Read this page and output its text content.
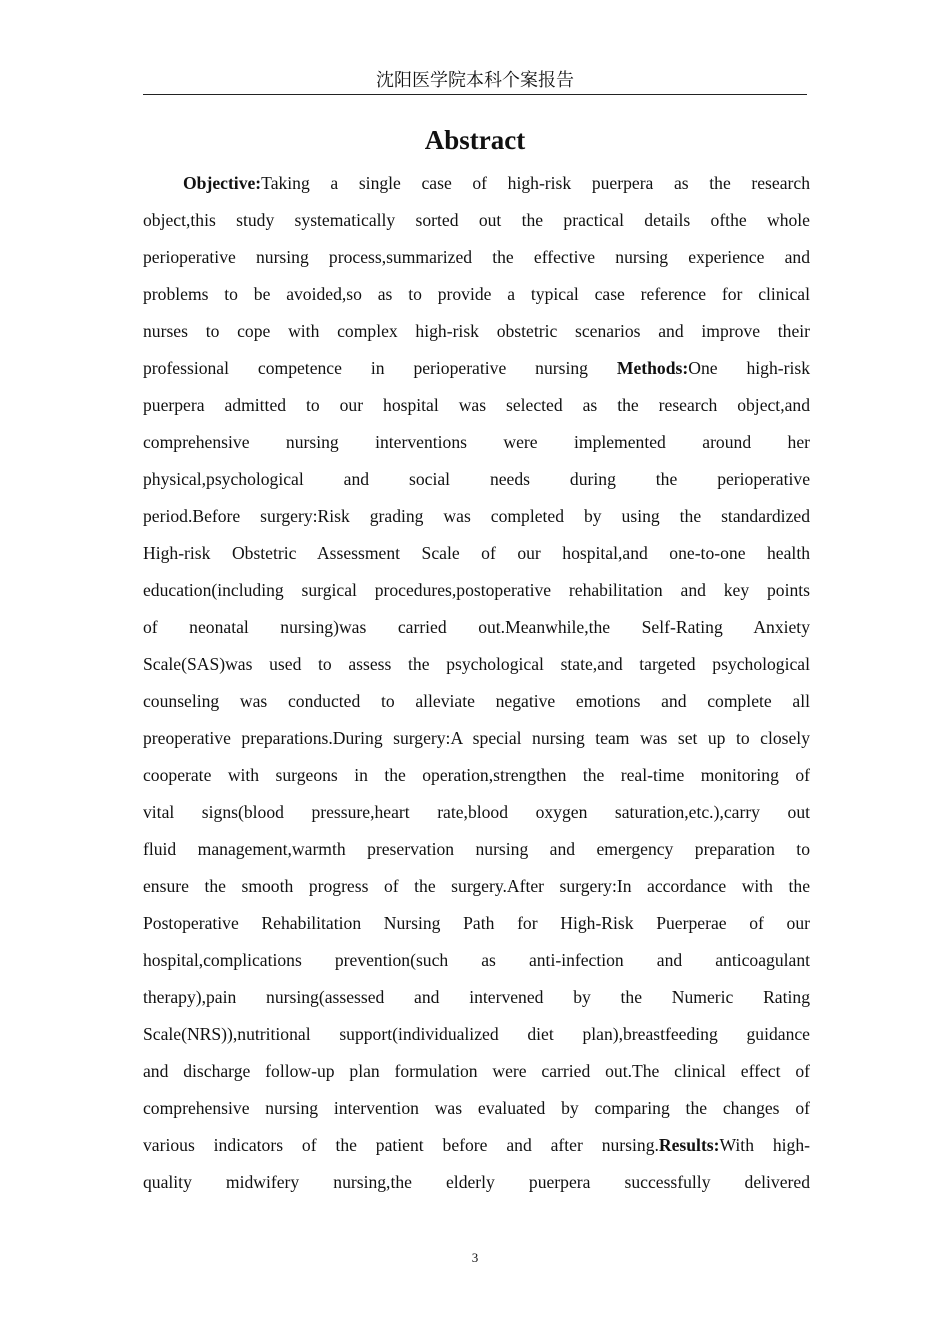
沈阳医学院本科个案报告
Abstract
Objective:Taking a single case of high-risk puerpera as the research
object,this study systematically sorted out the practical details ofthe whole
perioperative nursing process,summarized the effective nursing experience and
problems to be avoided,so as to provide a typical case reference for clinical
nurses to cope with complex high-risk obstetric scenarios and improve their
professional competence in perioperative nursing Methods:One high-risk
puerpera admitted to our hospital was selected as the research object,and
comprehensive nursing interventions were implemented around her
physical,psychological and social needs during the perioperative
period.Before surgery:Risk grading was completed by using the standardized
High-risk Obstetric Assessment Scale of our hospital,and one-to-one health
education(including surgical procedures,postoperative rehabilitation and key points
of neonatal nursing)was carried out.Meanwhile,the Self-Rating Anxiety
Scale(SAS)was used to assess the psychological state,and targeted psychological
counseling was conducted to alleviate negative emotions and complete all
preoperative preparations.During surgery:A special nursing team was set up to closely
cooperate with surgeons in the operation,strengthen the real-time monitoring of
vital signs(blood pressure,heart rate,blood oxygen saturation,etc.),carry out
fluid management,warmth preservation nursing and emergency preparation to
ensure the smooth progress of the surgery.After surgery:In accordance with the
Postoperative Rehabilitation Nursing Path for High-Risk Puerperae of our
hospital,complications prevention(such as anti-infection and anticoagulant
therapy),pain nursing(assessed and intervened by the Numeric Rating
Scale(NRS)),nutritional support(individualized diet plan),breastfeeding guidance
and discharge follow-up plan formulation were carried out.The clinical effect of
comprehensive nursing intervention was evaluated by comparing the changes of
various indicators of the patient before and after nursing.Results:With high-
quality midwifery nursing,the elderly puerpera successfully delivered
3
